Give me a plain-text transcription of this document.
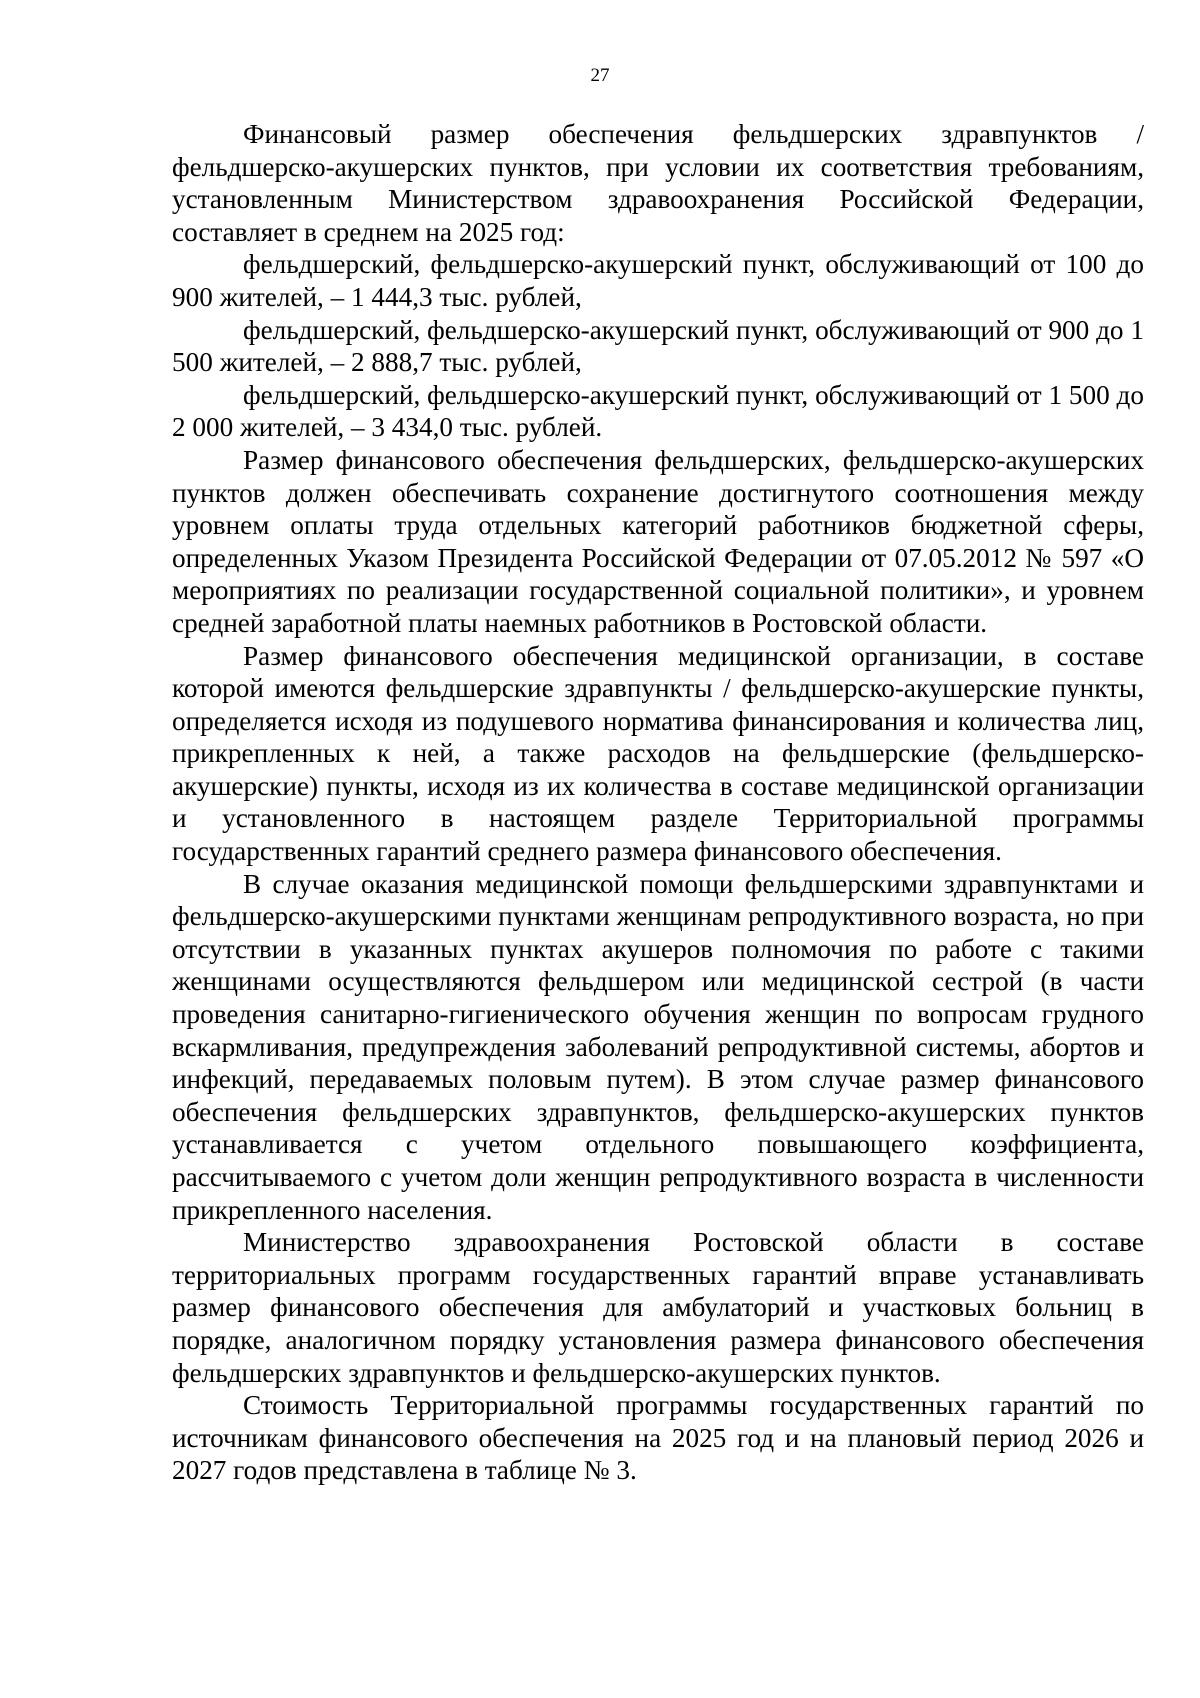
27

Финансовый размер обеспечения фельдшерских здравпунктов / фельдшерско-акушерских пунктов, при условии их соответствия требованиям, установленным Министерством здравоохранения Российской Федерации, составляет в среднем на 2025 год:

фельдшерский, фельдшерско-акушерский пункт, обслуживающий от 100 до 900 жителей, – 1 444,3 тыс. рублей,

фельдшерский, фельдшерско-акушерский пункт, обслуживающий от 900 до 1 500 жителей, – 2 888,7 тыс. рублей,

фельдшерский, фельдшерско-акушерский пункт, обслуживающий от 1 500 до 2 000 жителей, – 3 434,0 тыс. рублей.

Размер финансового обеспечения фельдшерских, фельдшерско-акушерских пунктов должен обеспечивать сохранение достигнутого соотношения между уровнем оплаты труда отдельных категорий работников бюджетной сферы, определенных Указом Президента Российской Федерации от 07.05.2012 № 597 «О мероприятиях по реализации государственной социальной политики», и уровнем средней заработной платы наемных работников в Ростовской области.

Размер финансового обеспечения медицинской организации, в составе которой имеются фельдшерские здравпункты / фельдшерско-акушерские пункты, определяется исходя из подушевого норматива финансирования и количества лиц, прикрепленных к ней, а также расходов на фельдшерские (фельдшерско-акушерские) пункты, исходя из их количества в составе медицинской организации и установленного в настоящем разделе Территориальной программы государственных гарантий среднего размера финансового обеспечения.

В случае оказания медицинской помощи фельдшерскими здравпунктами и фельдшерско-акушерскими пунктами женщинам репродуктивного возраста, но при отсутствии в указанных пунктах акушеров полномочия по работе с такими женщинами осуществляются фельдшером или медицинской сестрой (в части проведения санитарно-гигиенического обучения женщин по вопросам грудного вскармливания, предупреждения заболеваний репродуктивной системы, абортов и инфекций, передаваемых половым путем). В этом случае размер финансового обеспечения фельдшерских здравпунктов, фельдшерско-акушерских пунктов устанавливается с учетом отдельного повышающего коэффициента, рассчитываемого с учетом доли женщин репродуктивного возраста в численности прикрепленного населения.

Министерство здравоохранения Ростовской области в составе территориальных программ государственных гарантий вправе устанавливать размер финансового обеспечения для амбулаторий и участковых больниц в порядке, аналогичном порядку установления размера финансового обеспечения фельдшерских здравпунктов и фельдшерско-акушерских пунктов.

Стоимость Территориальной программы государственных гарантий по источникам финансового обеспечения на 2025 год и на плановый период 2026 и 2027 годов представлена в таблице № 3.
